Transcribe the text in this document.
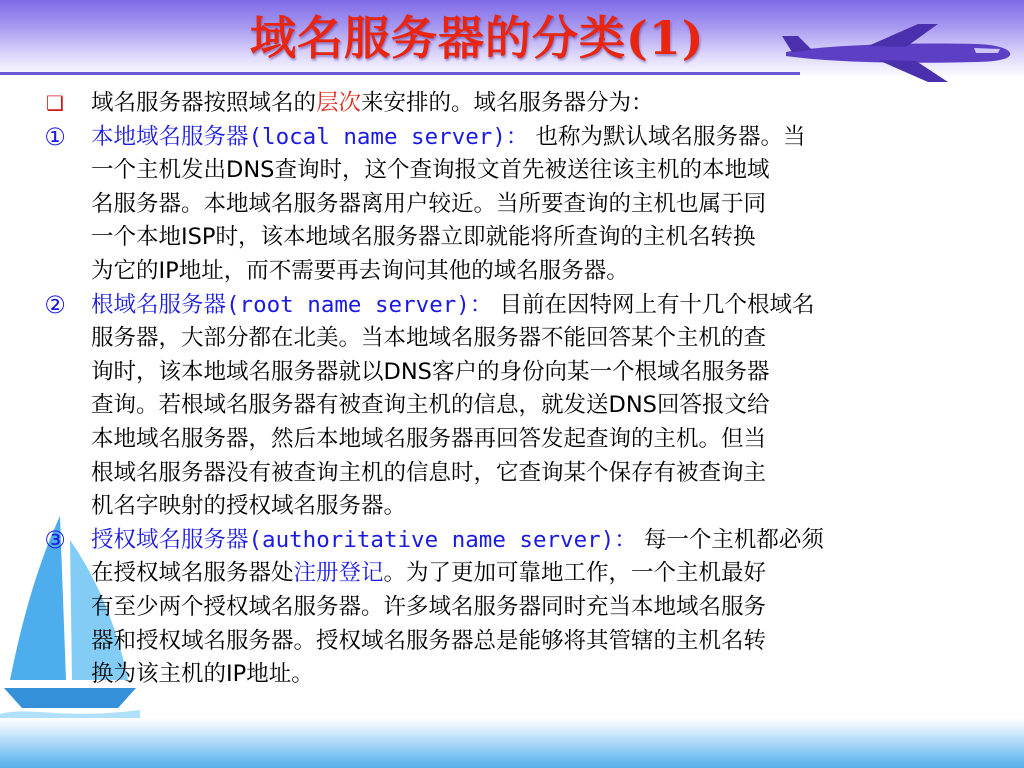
域名服务器的分类(1)
❑ 域名服务器按照域名的层次来安排的。域名服务器分为：
① 本地域名服务器(local name server)： 也称为默认域名服务器。当
一个主机发出DNS查询时，这个查询报文首先被送往该主机的本地域
名服务器。本地域名服务器离用户较近。当所要查询的主机也属于同
一个本地ISP时，该本地域名服务器立即就能将所查询的主机名转换
为它的IP地址，而不需要再去询问其他的域名服务器。
② 根域名服务器(root name server)： 目前在因特网上有十几个根域名
服务器，大部分都在北美。当本地域名服务器不能回答某个主机的查
询时，该本地域名服务器就以DNS客户的身份向某一个根域名服务器
查询。若根域名服务器有被查询主机的信息，就发送DNS回答报文给
本地域名服务器，然后本地域名服务器再回答发起查询的主机。但当
根域名服务器没有被查询主机的信息时，它查询某个保存有被查询主
机名字映射的授权域名服务器。
③ 授权域名服务器(authoritative name server)： 每一个主机都必须
在授权域名服务器处注册登记。为了更加可靠地工作，一个主机最好
有至少两个授权域名服务器。许多域名服务器同时充当本地域名服务
器和授权域名服务器。授权域名服务器总是能够将其管辖的主机名转
换为该主机的IP地址。
